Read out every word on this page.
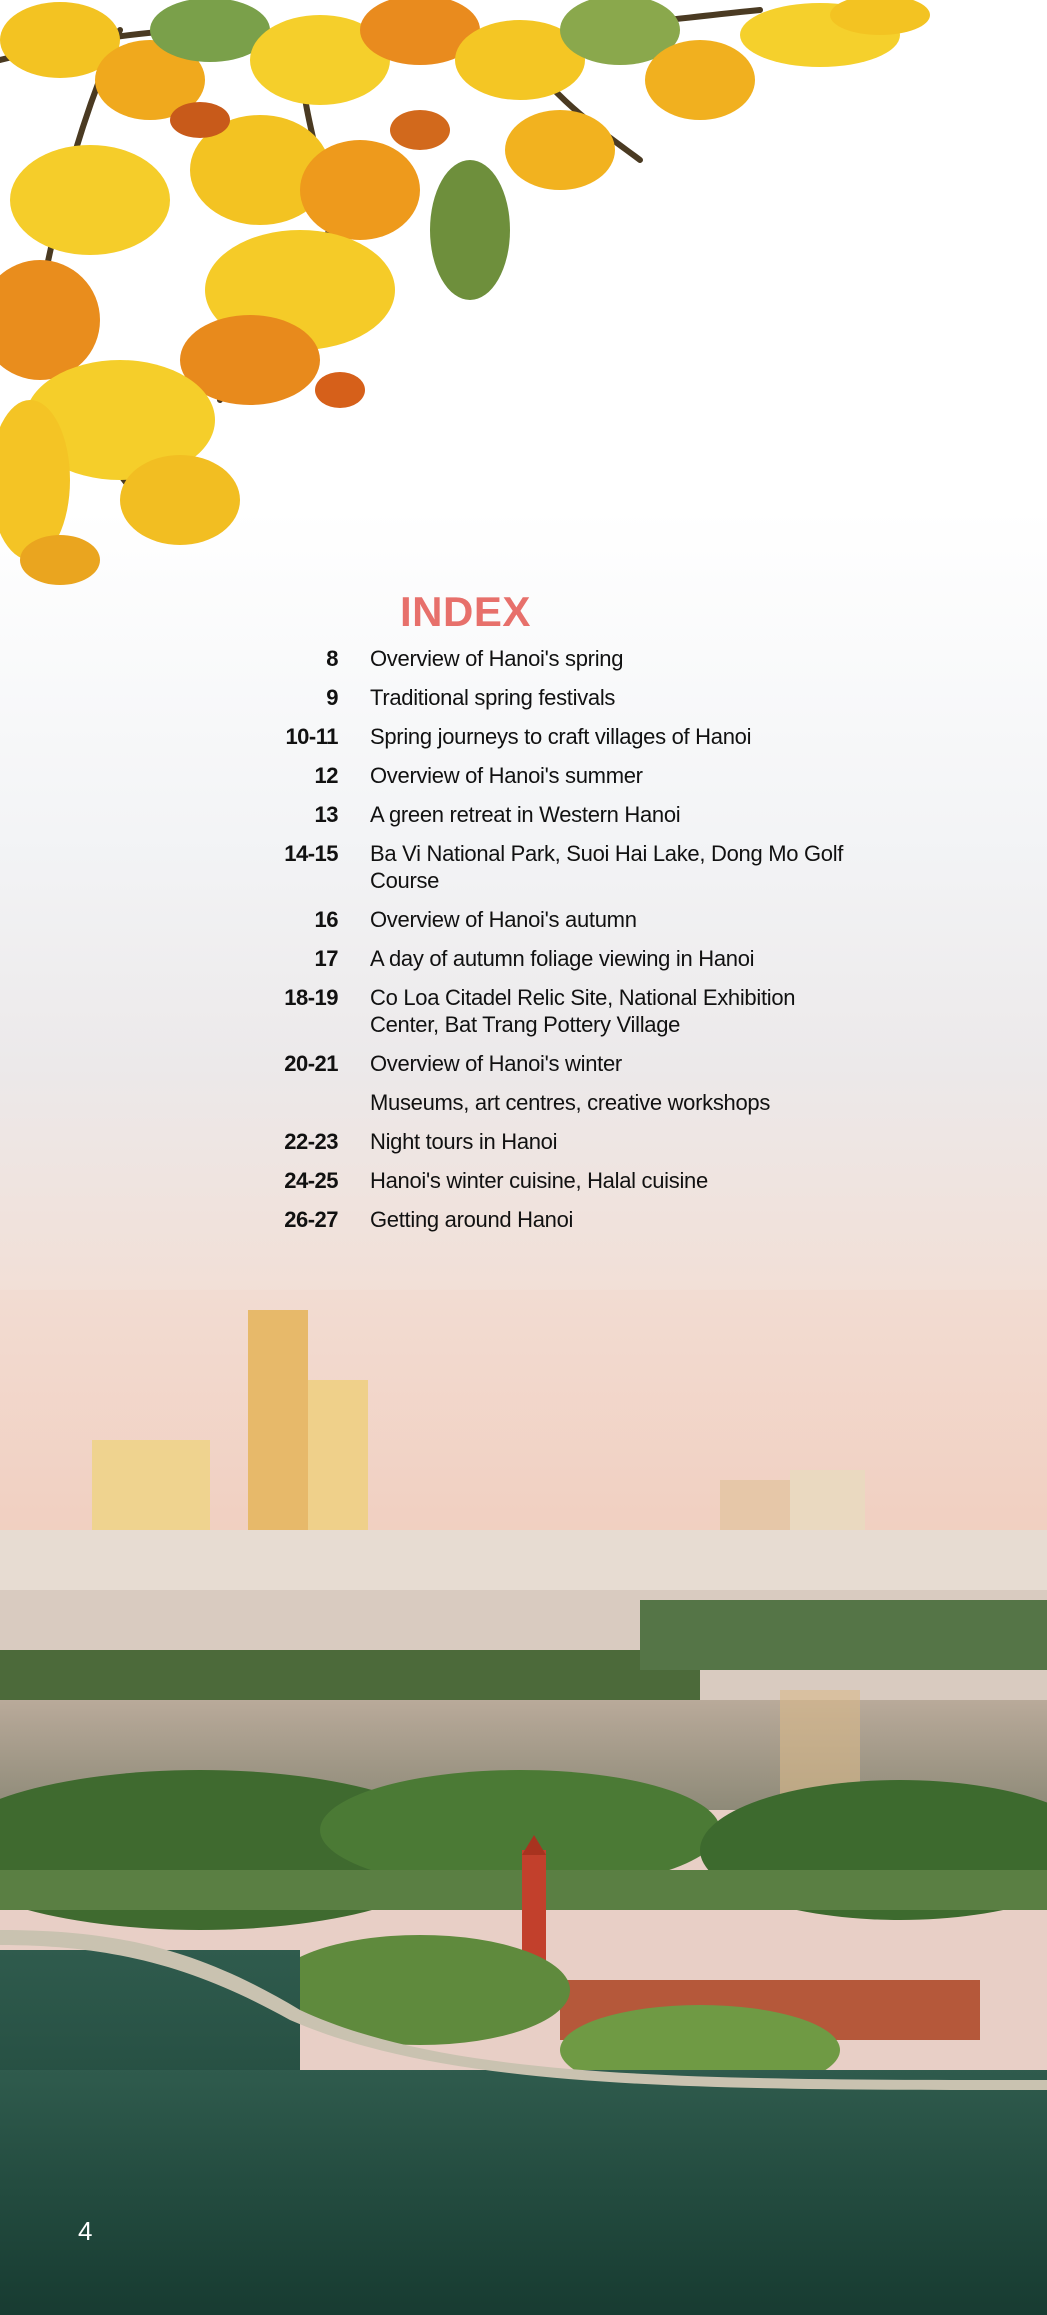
INDEX
8	Overview of Hanoi's spring
9	Traditional spring festivals
10-11	Spring journeys to craft villages of Hanoi
12	Overview of Hanoi's summer
13	A green retreat in Western Hanoi
14-15	Ba Vi National Park, Suoi Hai Lake, Dong Mo Golf Course
16	Overview of Hanoi's autumn
17	A day of autumn foliage viewing in Hanoi
18-19	Co Loa Citadel Relic Site, National Exhibition Center, Bat Trang Pottery Village
20-21	Overview of Hanoi's winter
Museums, art centres, creative workshops
22-23	Night tours in Hanoi
24-25	Hanoi's winter cuisine, Halal cuisine
26-27	Getting around Hanoi
4
